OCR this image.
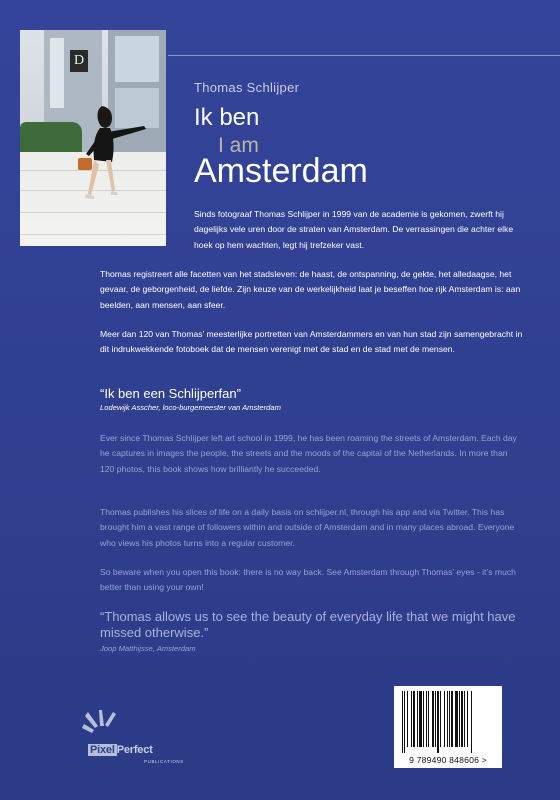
D
Thomas Schlijper
Ik ben
I am
Amsterdam

Sinds fotograaf Thomas Schlijper in 1999 van de academie is gekomen, zwerft hij dagelijks vele uren door de straten van Amsterdam. De verrassingen die achter elke hoek op hem wachten, legt hij trefzeker vast.

Thomas registreert alle facetten van het stadsleven: de haast, de ontspanning, de gekte, het alledaagse, het gevaar, de geborgenheid, de liefde. Zijn keuze van de werkelijkheid laat je beseffen hoe rijk Amsterdam is: aan beelden, aan mensen, aan sfeer.

Meer dan 120 van Thomas’ meesterlijke portretten van Amsterdammers en van hun stad zijn samengebracht in dit indrukwekkende fotoboek dat de mensen verenigt met de stad en de stad met de mensen.

“Ik ben een Schlijperfan”
Lodewijk Asscher, loco-burgemeester van Amsterdam

Ever since Thomas Schlijper left art school in 1999, he has been roaming the streets of Amsterdam. Each day he captures in images the people, the streets and the moods of the capital of the Netherlands. In more than 120 photos, this book shows how brilliantly he succeeded.

Thomas publishes his slices of life on a daily basis on schlijper.nl, through his app and via Twitter. This has brought him a vast range of followers within and outside of Amsterdam and in many places abroad. Everyone who views his photos turns into a regular customer.

So beware when you open this book: there is no way back. See Amsterdam through Thomas’ eyes - it’s much better than using your own!

“Thomas allows us to see the beauty of everyday life that we might have missed otherwise.”
Joop Matthijsse, Amsterdam
9 789490 848606 >
Pixel Perfect
PUBLICATIONS
